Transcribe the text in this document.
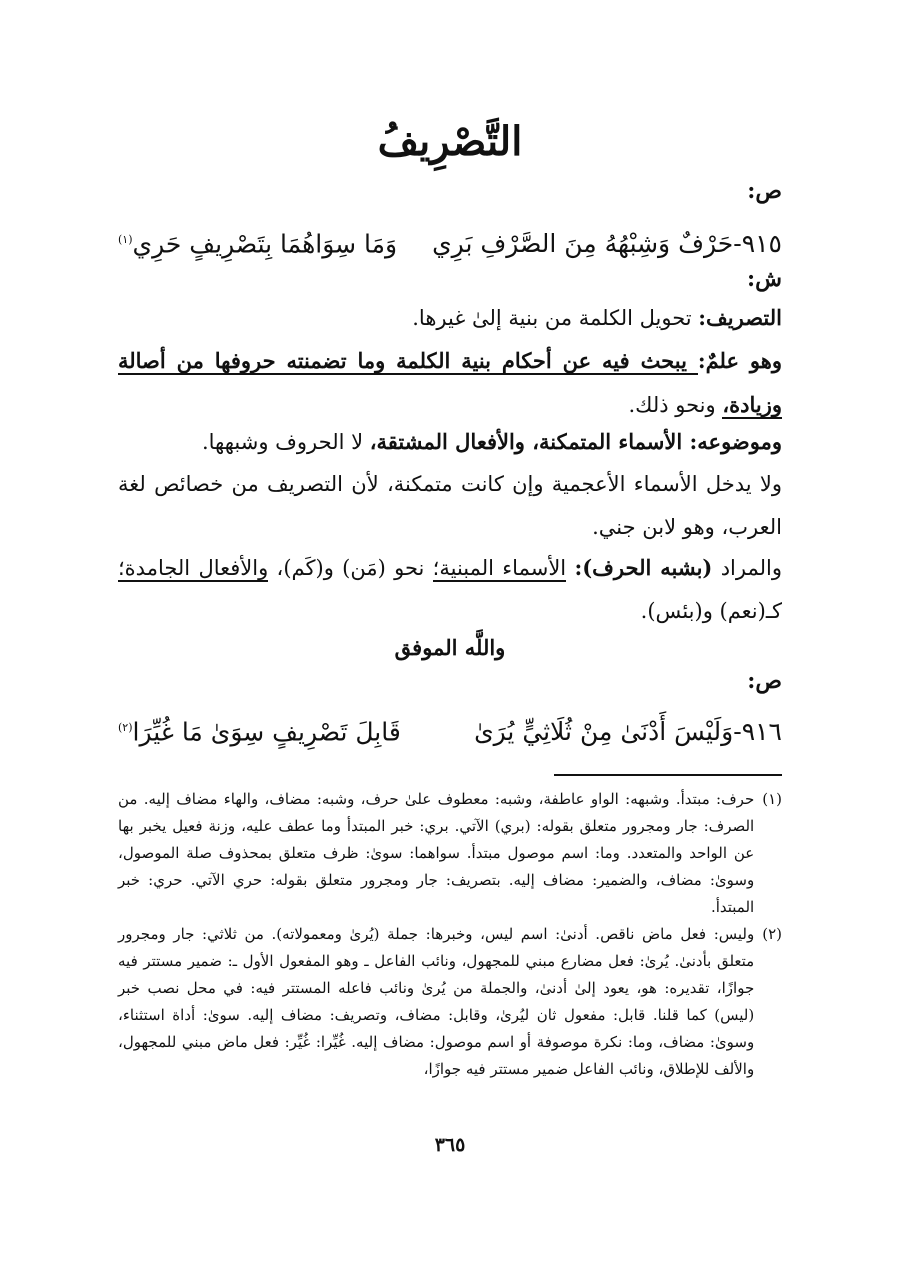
التَّصْرِيفُ
ص:
٩١٥-حَرْفٌ وَشِبْهُهُ مِنَ الصَّرْفِ بَرِي
وَمَا سِوَاهُمَا بِتَصْرِيفٍ حَرِي$^{(١)}$
ش:
التصريف: تحويل الكلمة من بنية إلىٰ غيرها.
وهو علمٌ: يبحث فيه عن أحكام بنية الكلمة وما تضمنته حروفها من أصالة وزيادة، ونحو ذلك.
وموضوعه: الأسماء المتمكنة، والأفعال المشتقة، لا الحروف وشبهها.
ولا يدخل الأسماء الأعجمية وإن كانت متمكنة، لأن التصريف من خصائص لغة العرب، وهو لابن جني.
والمراد (بشبه الحرف): الأسماء المبنية؛ نحو (مَن) و(كَم)، والأفعال الجامدة؛ كـ(نعم) و(بئس).
واللَّه الموفق
ص:
٩١٦-وَلَيْسَ أَدْنَىٰ مِنْ ثُلَاثِيٍّ يُرَىٰ
قَابِلَ تَصْرِيفٍ سِوَىٰ مَا غُيِّرَا$^{(٢)}$

(١)
حرف: مبتدأ. وشبهه: الواو عاطفة، وشبه: معطوف علىٰ حرف، وشبه: مضاف، والهاء مضاف إليه. من الصرف: جار ومجرور متعلق بقوله: (بري) الآتي. بري: خبر المبتدأ وما عطف عليه، وزنة فعيل يخبر بها عن الواحد والمتعدد. وما: اسم موصول مبتدأ. سواهما: سوىٰ: ظرف متعلق بمحذوف صلة الموصول، وسوىٰ: مضاف، والضمير: مضاف إليه. بتصريف: جار ومجرور متعلق بقوله: حري الآتي. حري: خبر المبتدأ.

(٢)
وليس: فعل ماض ناقص. أدنىٰ: اسم ليس، وخبرها: جملة (يُرىٰ ومعمولاته). من ثلاثي: جار ومجرور متعلق بأدنىٰ. يُرىٰ: فعل مضارع مبني للمجهول، ونائب الفاعل ـ وهو المفعول الأول ـ: ضمير مستتر فيه جوازًا، تقديره: هو، يعود إلىٰ أدنىٰ، والجملة من يُرىٰ ونائب فاعله المستتر فيه: في محل نصب خبر (ليس) كما قلنا. قابل: مفعول ثان ليُرىٰ، وقابل: مضاف، وتصريف: مضاف إليه. سوىٰ: أداة استثناء، وسوىٰ: مضاف، وما: نكرة موصوفة أو اسم موصول: مضاف إليه. غُيِّرا: غُيِّر: فعل ماض مبني للمجهول، والألف للإطلاق، ونائب الفاعل ضمير مستتر فيه جوازًا،

٣٦٥
